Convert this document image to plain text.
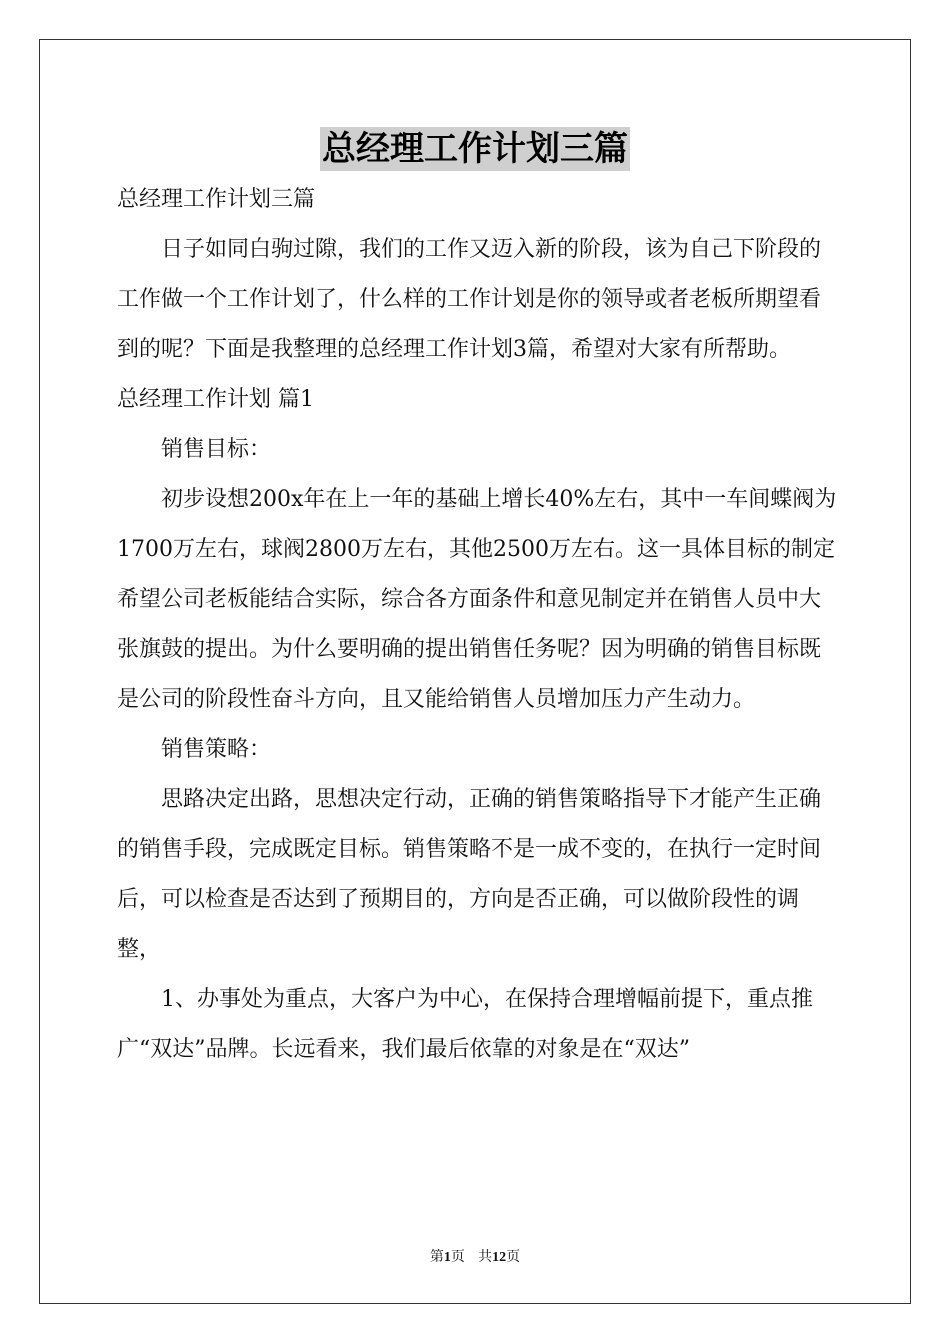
总经理工作计划三篇

总经理工作计划三篇

日子如同白驹过隙，我们的工作又迈入新的阶段，该为自己下阶段的工作做一个工作计划了，什么样的工作计划是你的领导或者老板所期望看到的呢？下面是我整理的总经理工作计划3篇，希望对大家有所帮助。

总经理工作计划 篇1

销售目标：

初步设想200x年在上一年的基础上增长40%左右，其中一车间蝶阀为1700万左右，球阀2800万左右，其他2500万左右。这一具体目标的制定希望公司老板能结合实际，综合各方面条件和意见制定并在销售人员中大张旗鼓的提出。为什么要明确的提出销售任务呢？因为明确的销售目标既是公司的阶段性奋斗方向，且又能给销售人员增加压力产生动力。

销售策略：

思路决定出路，思想决定行动，正确的销售策略指导下才能产生正确的销售手段，完成既定目标。销售策略不是一成不变的，在执行一定时间后，可以检查是否达到了预期目的，方向是否正确，可以做阶段性的调整，

1、办事处为重点，大客户为中心，在保持合理增幅前提下，重点推广“双达”品牌。长远看来，我们最后依靠的对象是在“双达”

第1页 共12页
